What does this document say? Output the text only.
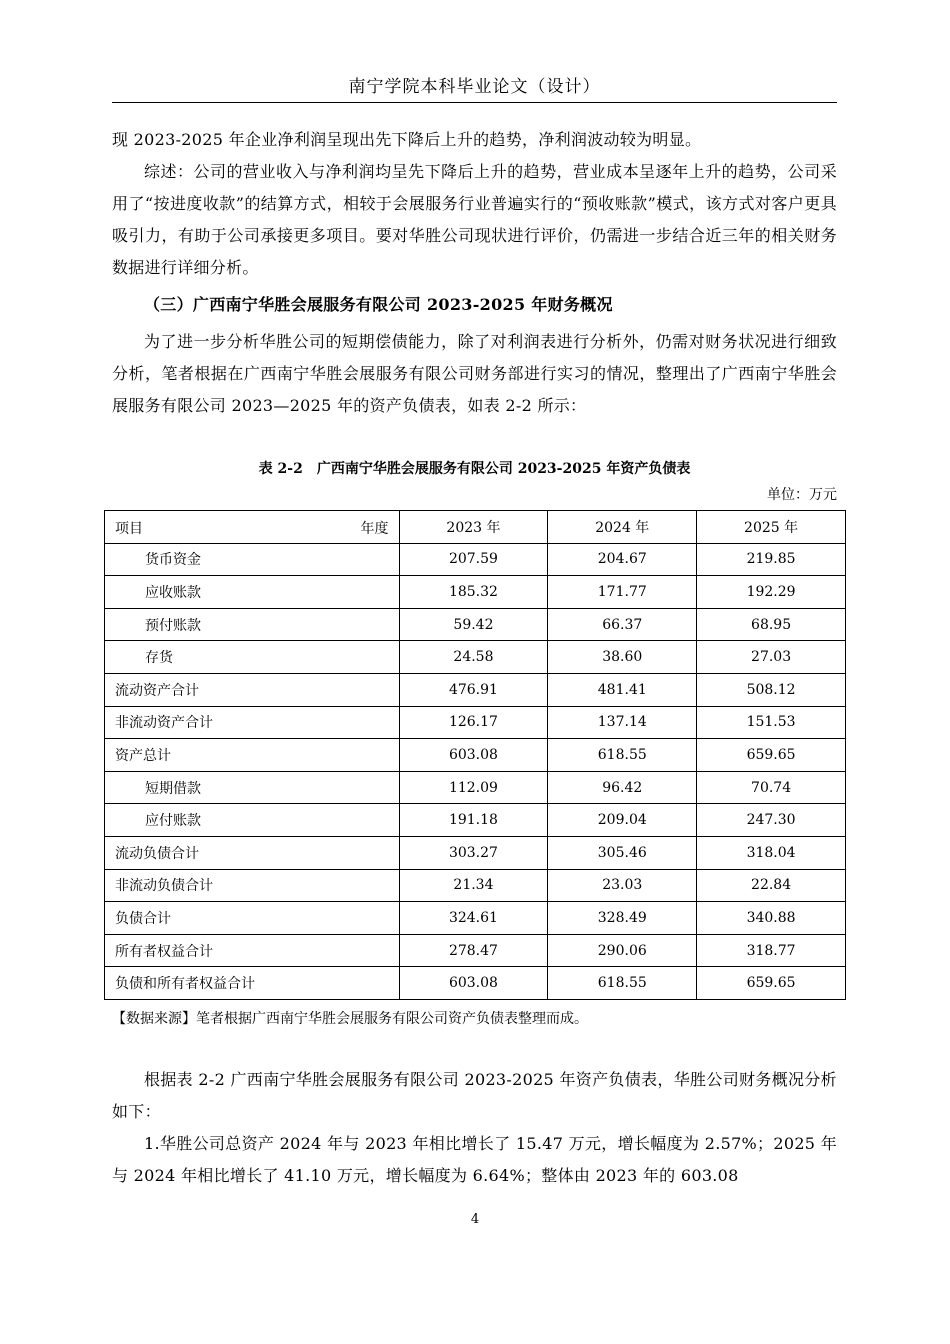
南宁学院本科毕业论文（设计）

现 2023-2025 年企业净利润呈现出先下降后上升的趋势，净利润波动较为明显。

综述：公司的营业收入与净利润均呈先下降后上升的趋势，营业成本呈逐年上升的趋势，公司采用了“按进度收款”的结算方式，相较于会展服务行业普遍实行的“预收账款”模式，该方式对客户更具吸引力，有助于公司承接更多项目。要对华胜公司现状进行评价，仍需进一步结合近三年的相关财务数据进行详细分析。

（三）广西南宁华胜会展服务有限公司 2023-2025 年财务概况

为了进一步分析华胜公司的短期偿债能力，除了对利润表进行分析外，仍需对财务状况进行细致分析，笔者根据在广西南宁华胜会展服务有限公司财务部进行实习的情况，整理出了广西南宁华胜会展服务有限公司 2023—2025 年的资产负债表，如表 2-2 所示：

表 2-2　广西南宁华胜会展服务有限公司 2023-2025 年资产负债表
单位：万元
项目 年度	2023 年	2024 年	2025 年
货币资金	207.59	204.67	219.85
应收账款	185.32	171.77	192.29
预付账款	59.42	66.37	68.95
存货	24.58	38.60	27.03
流动资产合计	476.91	481.41	508.12
非流动资产合计	126.17	137.14	151.53
资产总计	603.08	618.55	659.65
短期借款	112.09	96.42	70.74
应付账款	191.18	209.04	247.30
流动负债合计	303.27	305.46	318.04
非流动负债合计	21.34	23.03	22.84
负债合计	324.61	328.49	340.88
所有者权益合计	278.47	290.06	318.77
负债和所有者权益合计	603.08	618.55	659.65
【数据来源】笔者根据广西南宁华胜会展服务有限公司资产负债表整理而成。

根据表 2-2 广西南宁华胜会展服务有限公司 2023-2025 年资产负债表，华胜公司财务概况分析如下：

1.华胜公司总资产 2024 年与 2023 年相比增长了 15.47 万元，增长幅度为 2.57%；2025 年与 2024 年相比增长了 41.10 万元，增长幅度为 6.64%；整体由 2023 年的 603.08

4
